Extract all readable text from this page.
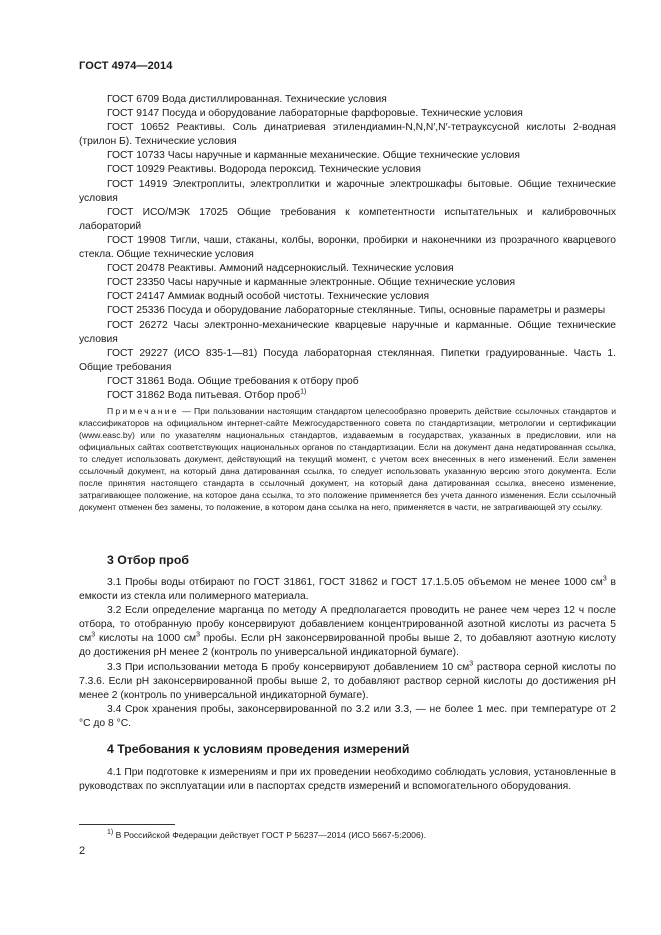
ГОСТ 4974—2014
ГОСТ 6709 Вода дистиллированная. Технические условия
ГОСТ 9147 Посуда и оборудование лабораторные фарфоровые. Технические условия
ГОСТ 10652 Реактивы. Соль динатриевая этилендиамин-N,N,N′,N′-тетрауксусной кислоты 2-водная (трилон Б). Технические условия
ГОСТ 10733 Часы наручные и карманные механические. Общие технические условия
ГОСТ 10929 Реактивы. Водорода пероксид. Технические условия
ГОСТ 14919 Электроплиты, электроплитки и жарочные электрошкафы бытовые. Общие технические условия
ГОСТ ИСО/МЭК 17025 Общие требования к компетентности испытательных и калибровочных лабораторий
ГОСТ 19908 Тигли, чаши, стаканы, колбы, воронки, пробирки и наконечники из прозрачного кварцевого стекла. Общие технические условия
ГОСТ 20478 Реактивы. Аммоний надсернокислый. Технические условия
ГОСТ 23350 Часы наручные и карманные электронные. Общие технические условия
ГОСТ 24147 Аммиак водный особой чистоты. Технические условия
ГОСТ 25336 Посуда и оборудование лабораторные стеклянные. Типы, основные параметры и размеры
ГОСТ 26272 Часы электронно-механические кварцевые наручные и карманные. Общие технические условия
ГОСТ 29227 (ИСО 835-1—81) Посуда лабораторная стеклянная. Пипетки градуированные. Часть 1. Общие требования
ГОСТ 31861 Вода. Общие требования к отбору проб
ГОСТ 31862 Вода питьевая. Отбор проб$^{1)}$
Примечание — При пользовании настоящим стандартом целесообразно проверить действие ссылочных стандартов и классификаторов на официальном интернет-сайте Межгосударственного совета по стандартизации, метрологии и сертификации (www.easc.by) или по указателям национальных стандартов, издаваемым в государствах, указанных в предисловии, или на официальных сайтах соответствующих национальных органов по стандартизации. Если на документ дана недатированная ссылка, то следует использовать документ, действующий на текущий момент, с учетом всех внесенных в него изменений. Если заменен ссылочный документ, на который дана датированная ссылка, то следует использовать указанную версию этого документа. Если после принятия настоящего стандарта в ссылочный документ, на который дана датированная ссылка, внесено изменение, затрагивающее положение, на которое дана ссылка, то это положение применяется без учета данного изменения. Если ссылочный документ отменен без замены, то положение, в котором дана ссылка на него, применяется в части, не затрагивающей эту ссылку.
3 Отбор проб
3.1 Пробы воды отбирают по ГОСТ 31861, ГОСТ 31862 и ГОСТ 17.1.5.05 объемом не менее 1000 $см^3$ в емкости из стекла или полимерного материала.
3.2 Если определение марганца по методу А предполагается проводить не ранее чем через 12 ч после отбора, то отобранную пробу консервируют добавлением концентрированной азотной кислоты из расчета 5 $см^3$ кислоты на 1000 $см^3$ пробы. Если рН законсервированной пробы выше 2, то добавляют азотную кислоту до достижения рН менее 2 (контроль по универсальной индикаторной бумаге).
3.3 При использовании метода Б пробу консервируют добавлением 10 $см^3$ раствора серной кислоты по 7.3.6. Если рН законсервированной пробы выше 2, то добавляют раствор серной кислоты до достижения рН менее 2 (контроль по универсальной индикаторной бумаге).
3.4 Срок хранения пробы, законсервированной по 3.2 или 3.3, — не более 1 мес. при температуре от 2 °С до 8 °С.
4 Требования к условиям проведения измерений
4.1 При подготовке к измерениям и при их проведении необходимо соблюдать условия, установленные в руководствах по эксплуатации или в паспортах средств измерений и вспомогательного оборудования.
$^{1)}$ В Российской Федерации действует ГОСТ Р 56237—2014 (ИСО 5667-5:2006).
2
